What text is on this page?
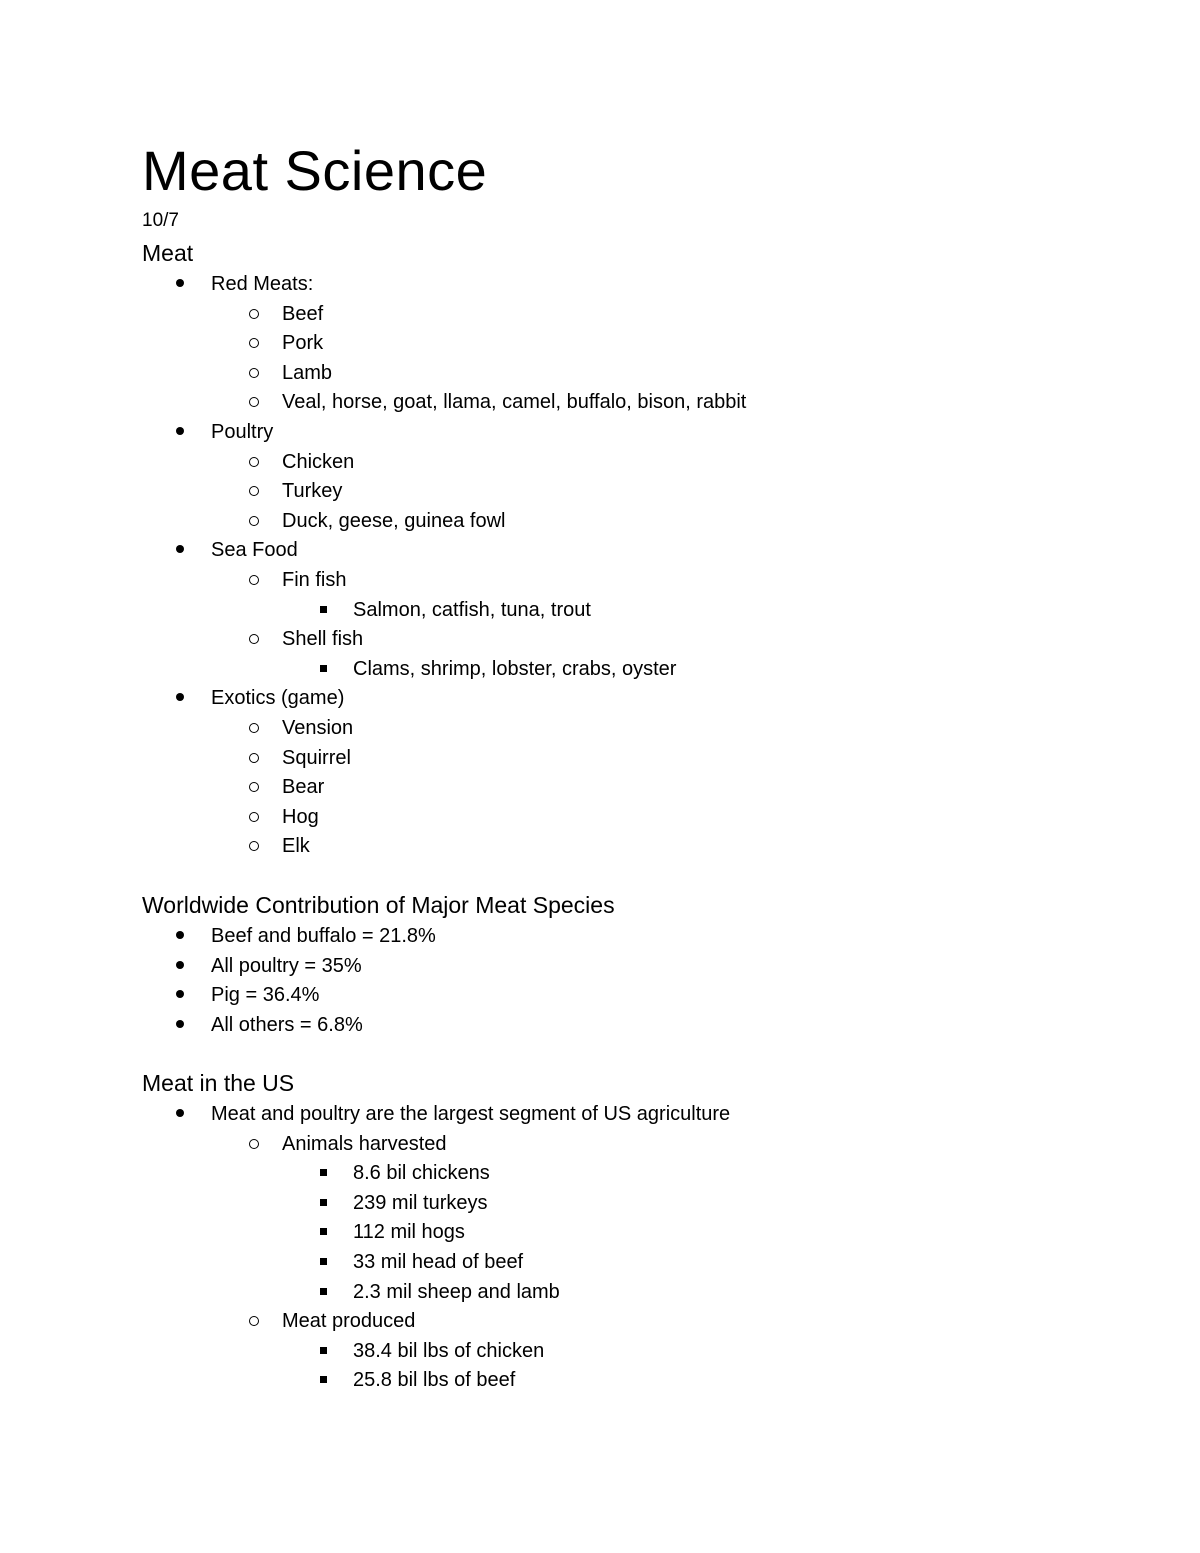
Meat Science
10/7
Meat
Red Meats:
Beef
Pork
Lamb
Veal, horse, goat, llama, camel, buffalo, bison, rabbit
Poultry
Chicken
Turkey
Duck, geese, guinea fowl
Sea Food
Fin fish
Salmon, catfish, tuna, trout
Shell fish
Clams, shrimp, lobster, crabs, oyster
Exotics (game)
Vension
Squirrel
Bear
Hog
Elk
Worldwide Contribution of Major Meat Species
Beef and buffalo = 21.8%
All poultry = 35%
Pig = 36.4%
All others = 6.8%
Meat in the US
Meat and poultry are the largest segment of US agriculture
Animals harvested
8.6 bil chickens
239 mil turkeys
112 mil hogs
33 mil head of beef
2.3 mil sheep and lamb
Meat produced
38.4 bil lbs of chicken
25.8 bil lbs of beef
